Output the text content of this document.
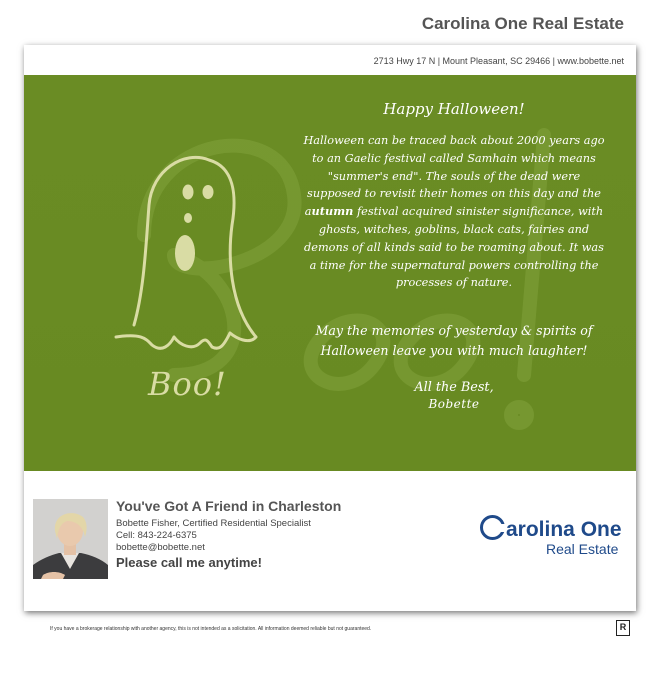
Carolina One Real Estate
2713 Hwy 17 N | Mount Pleasant, SC 29466 | www.bobette.net
Boo!
Happy Halloween!
Halloween can be traced back about 2000 years ago to an Gaelic festival called Samhain which means "summer's end". The souls of the dead were supposed to revisit their homes on this day and the autumn festival acquired sinister significance, with ghosts, witches, goblins, black cats, fairies and demons of all kinds said to be roaming about. It was a time for the supernatural powers controlling the processes of nature.
May the memories of yesterday & spirits of Halloween leave you with much laughter!
All the Best,
Bobette
You've Got A Friend in Charleston
Bobette Fisher, Certified Residential Specialist
Cell: 843-224-6375
bobette@bobette.net
Please call me anytime!
arolina One
Real Estate
If you have a brokerage relationship with another agency, this is not intended as a solicitation. All information deemed reliable but not guaranteed.	R
